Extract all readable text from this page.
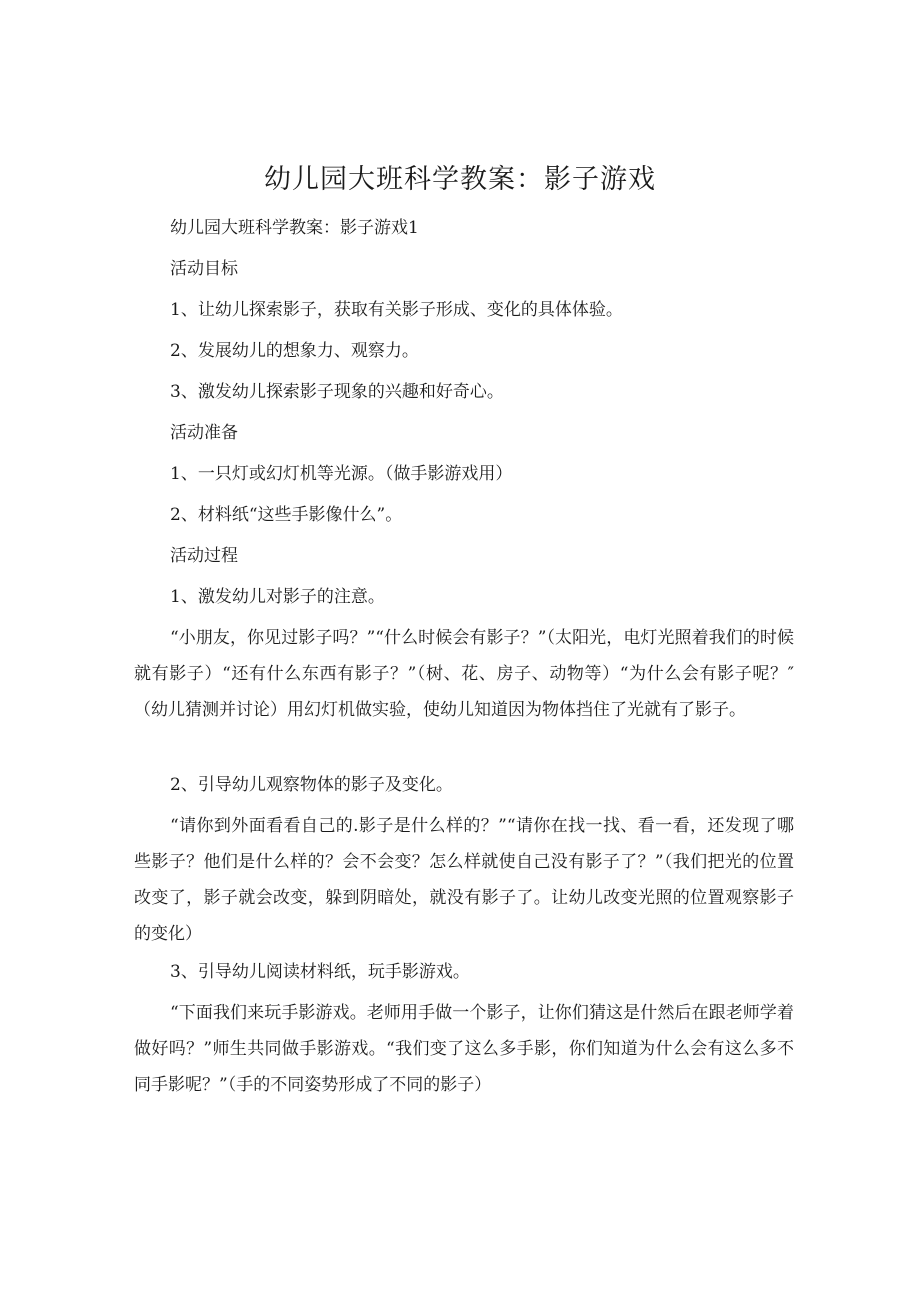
幼儿园大班科学教案：影子游戏
幼儿园大班科学教案：影子游戏1
活动目标
1、让幼儿探索影子，获取有关影子形成、变化的具体体验。
2、发展幼儿的想象力、观察力。
3、激发幼儿探索影子现象的兴趣和好奇心。
活动准备
1、一只灯或幻灯机等光源。（做手影游戏用）
2、材料纸“这些手影像什么”。
活动过程
1、激发幼儿对影子的注意。
“小朋友，你见过影子吗？”“什么时候会有影子？”（太阳光，电灯光照着我们的时候就有影子）“还有什么东西有影子？”（树、花、房子、动物等）“为什么会有影子呢？″（幼儿猜测并讨论）用幻灯机做实验，使幼儿知道因为物体挡住了光就有了影子。
2、引导幼儿观察物体的影子及变化。
“请你到外面看看自己的.影子是什么样的？”“请你在找一找、看一看，还发现了哪些影子？他们是什么样的？会不会变？怎么样就使自己没有影子了？”（我们把光的位置改变了，影子就会改变，躲到阴暗处，就没有影子了。让幼儿改变光照的位置观察影子的变化）
3、引导幼儿阅读材料纸，玩手影游戏。
“下面我们来玩手影游戏。老师用手做一个影子，让你们猜这是什然后在跟老师学着做好吗？”师生共同做手影游戏。“我们变了这么多手影，你们知道为什么会有这么多不同手影呢？”（手的不同姿势形成了不同的影子）
